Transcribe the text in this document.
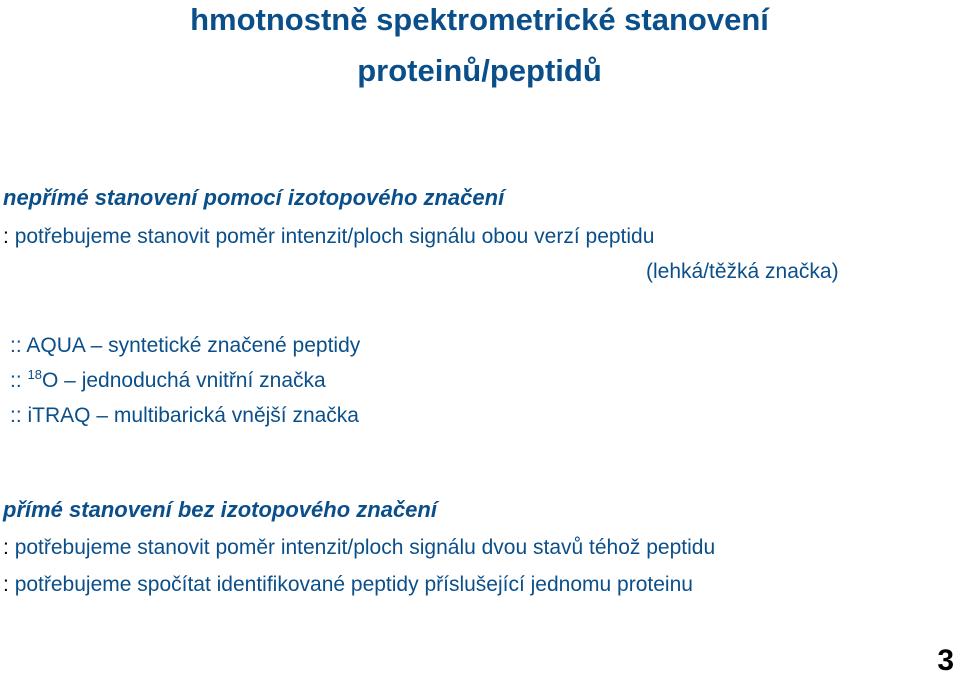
hmotnostně spektrometrické stanovení
proteinů/peptidů
nepřímé stanovení pomocí izotopového značení
: potřebujeme stanovit poměr intenzit/ploch signálu obou verzí peptidu
(lehká/těžká značka)
:: AQUA – syntetické značené peptidy
:: $^{18}$O – jednoduchá vnitřní značka
:: iTRAQ – multibarická vnější značka
přímé stanovení bez izotopového značení
: potřebujeme stanovit poměr intenzit/ploch signálu dvou stavů téhož peptidu
: potřebujeme spočítat identifikované peptidy příslušející jednomu proteinu
3
